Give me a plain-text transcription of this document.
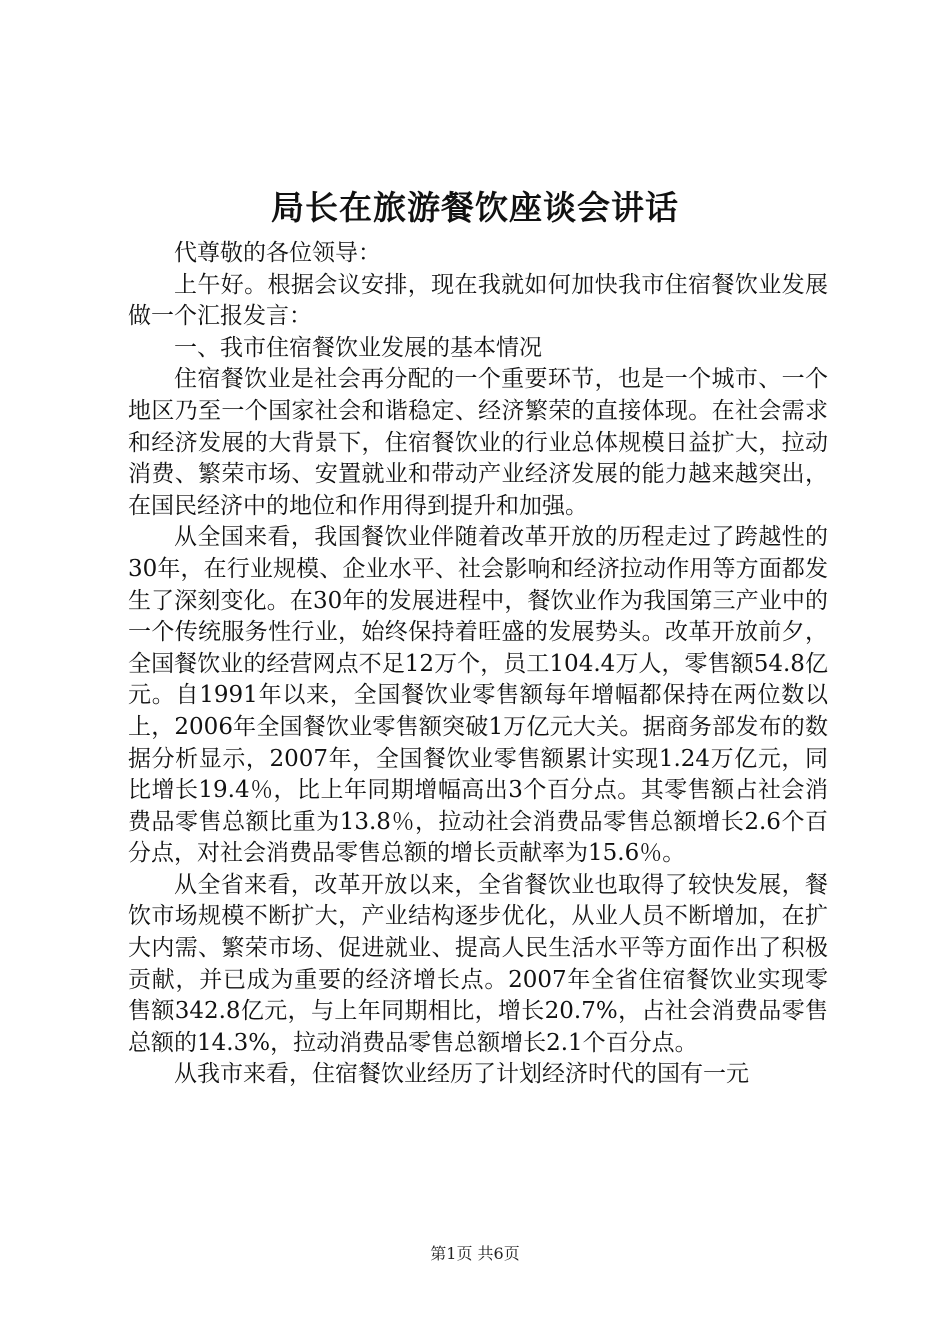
局长在旅游餐饮座谈会讲话

代尊敬的各位领导：

上午好。根据会议安排，现在我就如何加快我市住宿餐饮业发展做一个汇报发言：

一、我市住宿餐饮业发展的基本情况

住宿餐饮业是社会再分配的一个重要环节，也是一个城市、一个地区乃至一个国家社会和谐稳定、经济繁荣的直接体现。在社会需求和经济发展的大背景下，住宿餐饮业的行业总体规模日益扩大，拉动消费、繁荣市场、安置就业和带动产业经济发展的能力越来越突出，在国民经济中的地位和作用得到提升和加强。

从全国来看，我国餐饮业伴随着改革开放的历程走过了跨越性的30年，在行业规模、企业水平、社会影响和经济拉动作用等方面都发生了深刻变化。在30年的发展进程中，餐饮业作为我国第三产业中的一个传统服务性行业，始终保持着旺盛的发展势头。改革开放前夕，全国餐饮业的经营网点不足12万个，员工104.4万人，零售额54.8亿元。自1991年以来，全国餐饮业零售额每年增幅都保持在两位数以上，2006年全国餐饮业零售额突破1万亿元大关。据商务部发布的数据分析显示，2007年，全国餐饮业零售额累计实现1.24万亿元，同比增长19.4％，比上年同期增幅高出3个百分点。其零售额占社会消费品零售总额比重为13.8％，拉动社会消费品零售总额增长2.6个百分点，对社会消费品零售总额的增长贡献率为15.6％。

从全省来看，改革开放以来，全省餐饮业也取得了较快发展，餐饮市场规模不断扩大，产业结构逐步优化，从业人员不断增加，在扩大内需、繁荣市场、促进就业、提高人民生活水平等方面作出了积极贡献，并已成为重要的经济增长点。2007年全省住宿餐饮业实现零售额342.8亿元，与上年同期相比，增长20.7%，占社会消费品零售总额的14.3%，拉动消费品零售总额增长2.1个百分点。

从我市来看，住宿餐饮业经历了计划经济时代的国有一元

第1页 共6页
